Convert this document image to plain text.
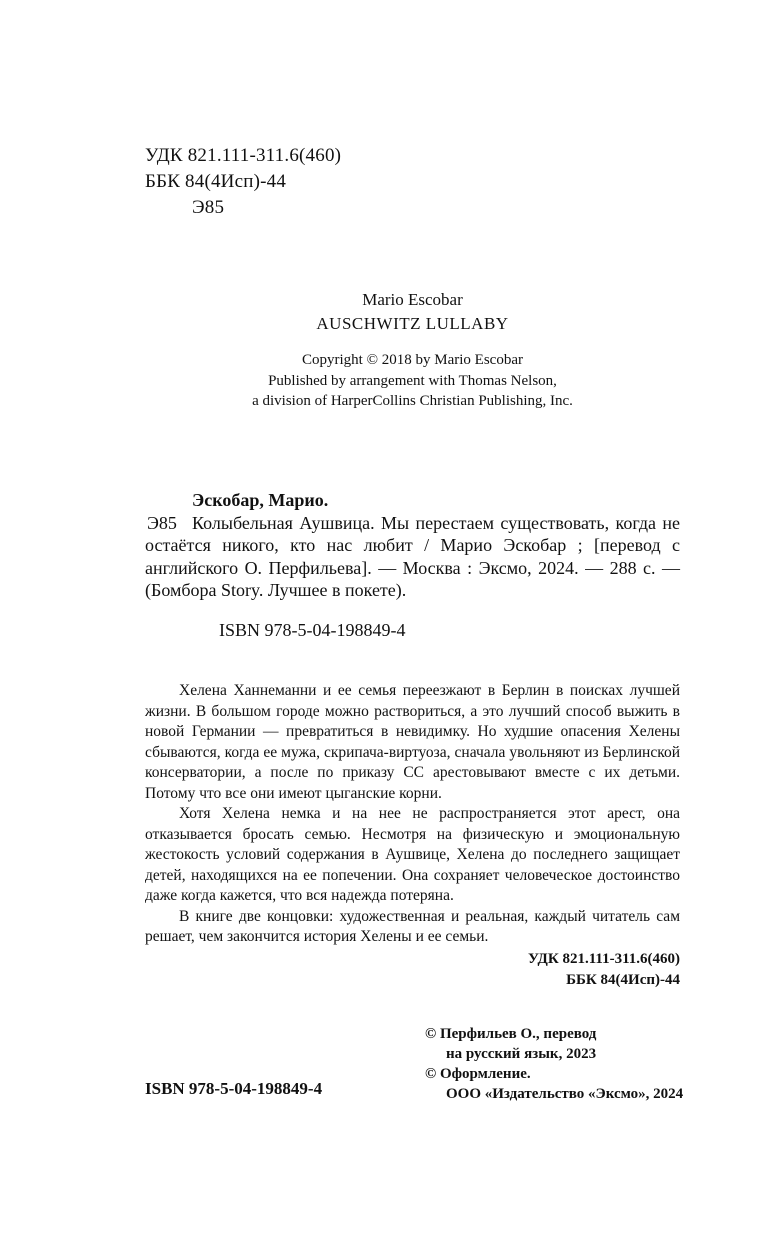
УДК 821.111-311.6(460)
ББК 84(4Исп)-44
Э85
Mario Escobar
AUSCHWITZ LULLABY
Copyright © 2018 by Mario Escobar
Published by arrangement with Thomas Nelson,
a division of HarperCollins Christian Publishing, Inc.

Эскобар, Марио.

Э85 Колыбельная Аушвица. Мы перестаем существовать, когда не остаётся никого, кто нас любит / Марио Эскобар ; [перевод с английского О. Перфильева]. — Москва : Эксмо, 2024. — 288 с. — (Бомбора Story. Лучшее в покете).

ISBN 978-5-04-198849-4

Хелена Ханнеманни и ее семья переезжают в Берлин в поисках лучшей жизни. В большом городе можно раствориться, а это лучший способ выжить в новой Германии — превратиться в невидимку. Но худшие опасения Хелены сбываются, когда ее мужа, скрипача-виртуоза, сначала увольняют из Берлинской консерватории, а после по приказу СС арестовывают вместе с их детьми. Потому что все они имеют цыганские корни.

Хотя Хелена немка и на нее не распространяется этот арест, она отказывается бросать семью. Несмотря на физическую и эмоциональную жестокость условий содержания в Аушвице, Хелена до последнего защищает детей, находящихся на ее попечении. Она сохраняет человеческое достоинство даже когда кажется, что вся надежда потеряна.

В книге две концовки: художественная и реальная, каждый читатель сам решает, чем закончится история Хелены и ее семьи.

УДК 821.111-311.6(460)
ББК 84(4Исп)-44
© Перфильев О., перевод
на русский язык, 2023
© Оформление.
ООО «Издательство «Эксмо», 2024
ISBN 978-5-04-198849-4
